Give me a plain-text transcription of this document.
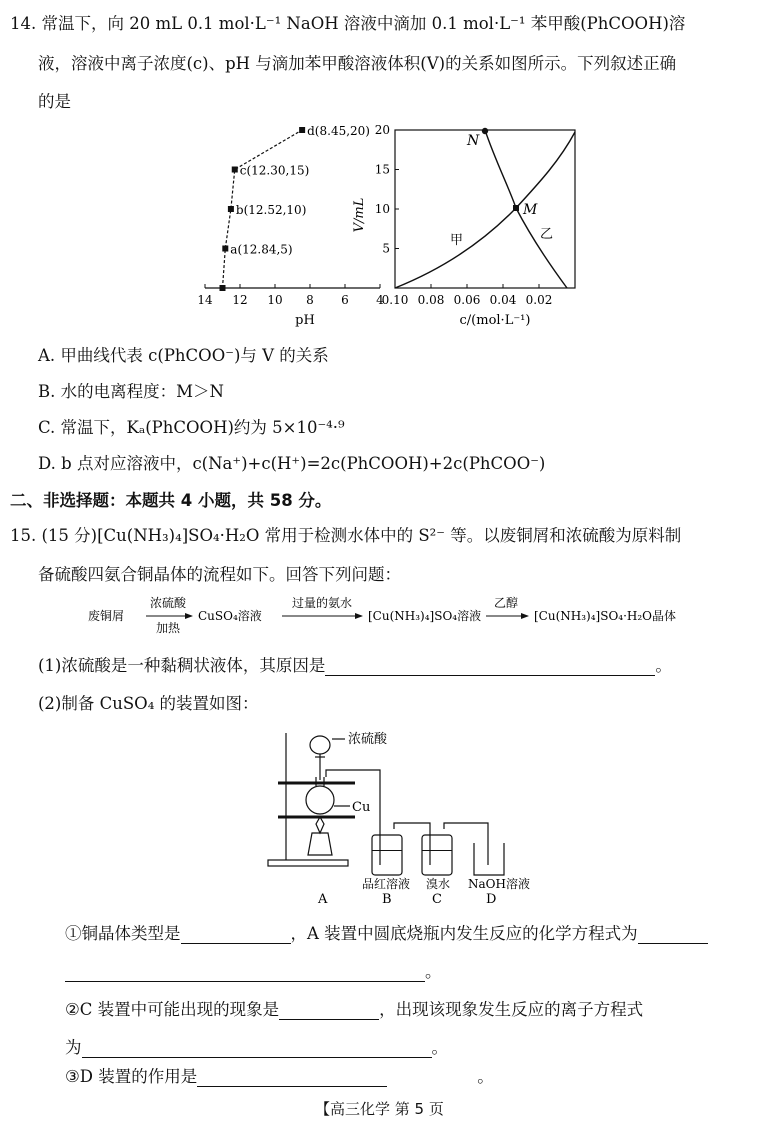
14. 常温下，向 20 mL 0.1 mol·L⁻¹ NaOH 溶液中滴加 0.1 mol·L⁻¹ 苯甲酸(PhCOOH)溶
液，溶液中离子浓度(c)、pH 与滴加苯甲酸溶液体积(V)的关系如图所示。下列叙述正确
的是
14 12 10 8 6 4
pH
a(12.84,5)
b(12.52,10)
c(12.30,15)
d(8.45,20)
0.10 0.08 0.06 0.04 0.02
5
10
15
20
V/mL
c/(mol·L⁻¹)
N
M
甲	乙
A. 甲曲线代表 c(PhCOO⁻)与 V 的关系
B. 水的电离程度：M＞N
C. 常温下，Kₐ(PhCOOH)约为 5×10⁻⁴·⁹
D. b 点对应溶液中，c(Na⁺)+c(H⁺)=2c(PhCOOH)+2c(PhCOO⁻)
二、非选择题：本题共 4 小题，共 58 分。
15. (15 分)[Cu(NH₃)₄]SO₄·H₂O 常用于检测水体中的 S²⁻ 等。以废铜屑和浓硫酸为原料制
备硫酸四氨合铜晶体的流程如下。回答下列问题：
废铜屑
浓硫酸
加热
CuSO₄溶液
过量的氨水
[Cu(NH₃)₄]SO₄溶液
乙醇
[Cu(NH₃)₄]SO₄·H₂O晶体
(1)浓硫酸是一种黏稠状液体，其原因是	。
(2)制备 CuSO₄ 的装置如图：
浓硫酸
Cu
A
品红溶液
B
溴水
C
NaOH溶液
D
①铜晶体类型是	，A 装置中圆底烧瓶内发生反应的化学方程式为
。
②C 装置中可能出现的现象是	，出现该现象发生反应的离子方程式
为	。
③D 装置的作用是	。
【高三化学 第 5 页
